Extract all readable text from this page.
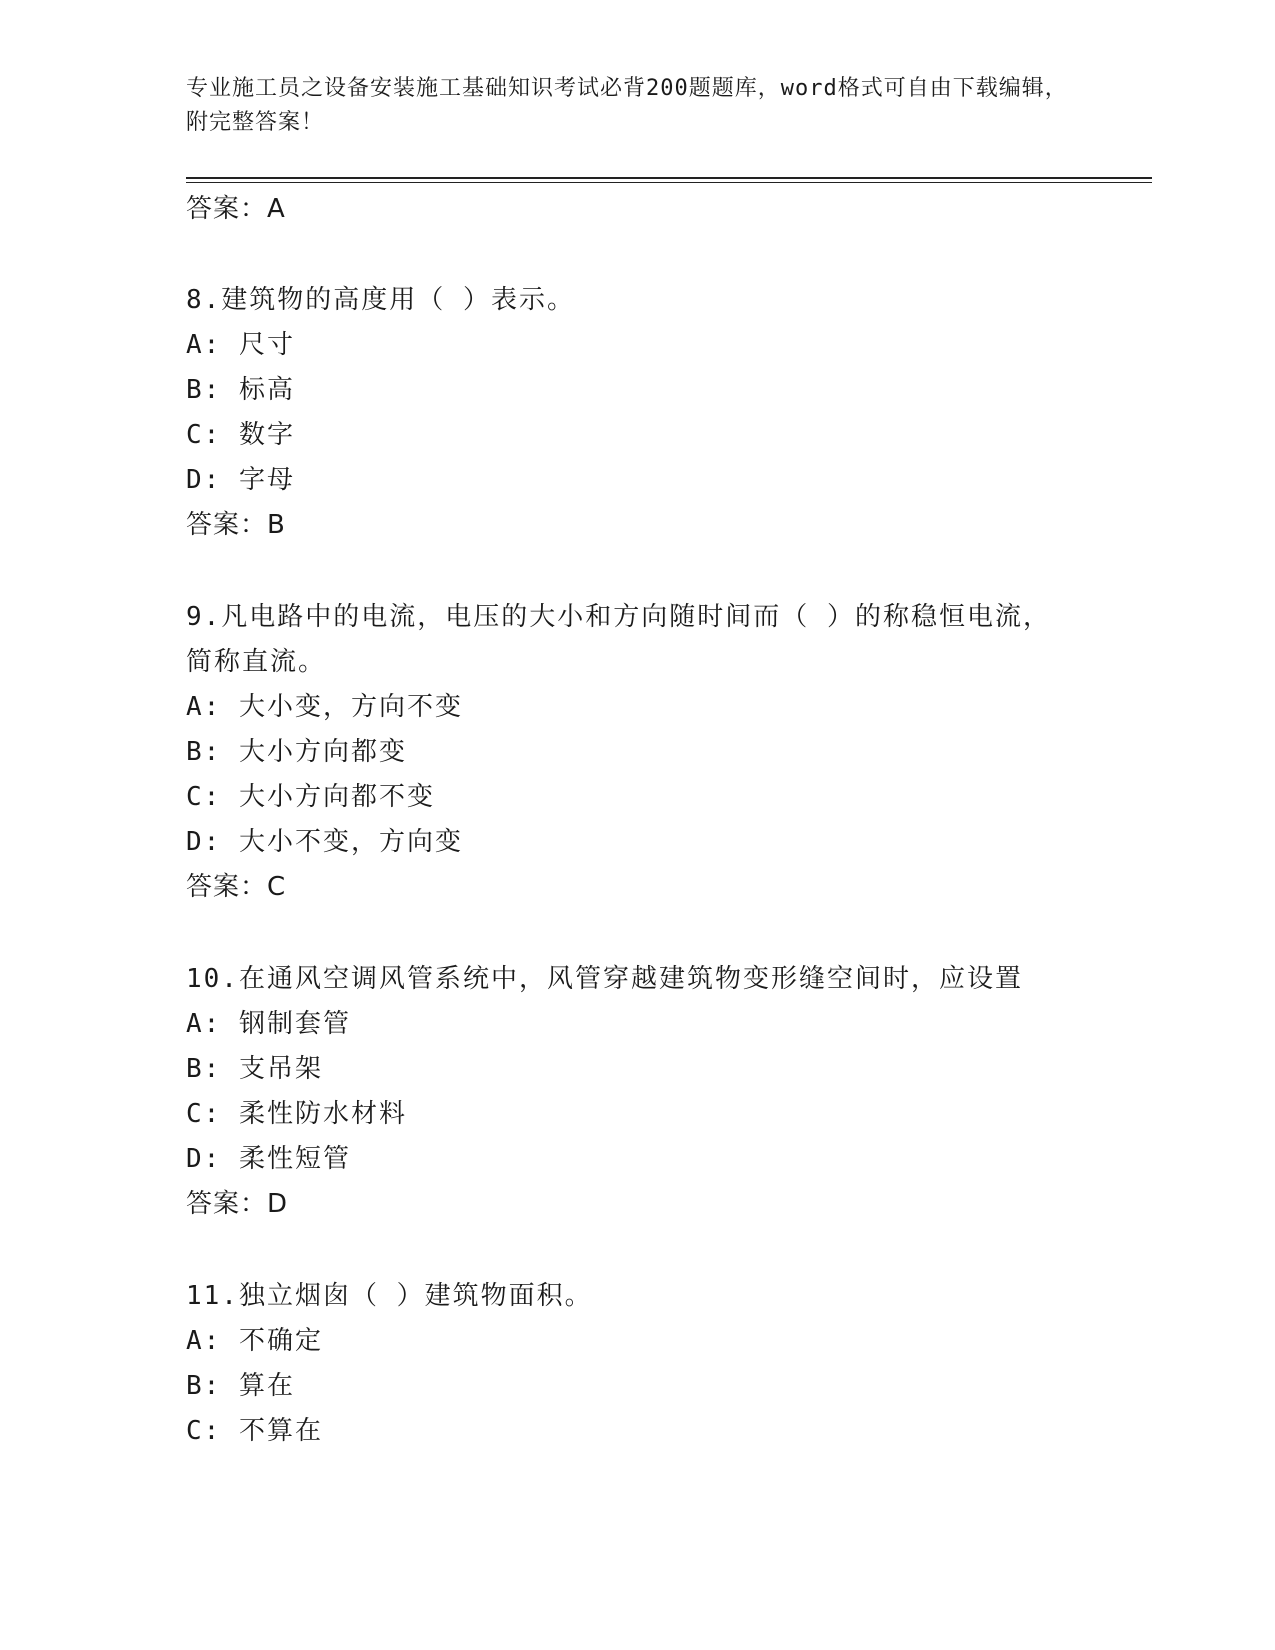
专业施工员之设备安装施工基础知识考试必背200题题库，word格式可自由下载编辑，附完整答案！

答案：A

8.建筑物的高度用（ ）表示。

A: 尺寸

B: 标高

C: 数字

D: 字母

答案：B

9.凡电路中的电流，电压的大小和方向随时间而（ ）的称稳恒电流，

简称直流。

A: 大小变，方向不变

B: 大小方向都变

C: 大小方向都不变

D: 大小不变，方向变

答案：C

10.在通风空调风管系统中，风管穿越建筑物变形缝空间时，应设置

A: 钢制套管

B: 支吊架

C: 柔性防水材料

D: 柔性短管

答案：D

11.独立烟囱（ ）建筑物面积。

A: 不确定

B: 算在

C: 不算在
